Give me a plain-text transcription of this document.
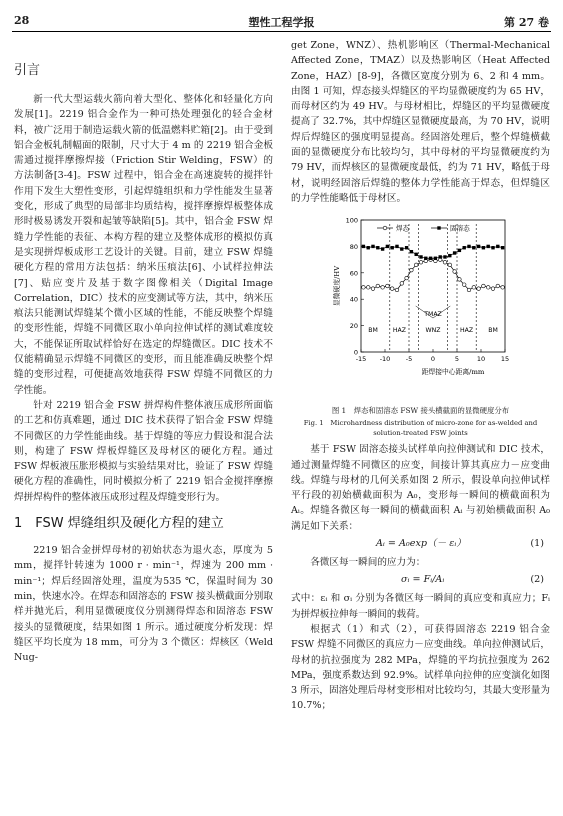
28	塑性工程学报	第 27 卷
引言

新一代大型运载火箭向着大型化、整体化和轻量化方向发展[1]。2219 铝合金作为一种可热处理强化的轻合金材料，被广泛用于制造运载火箭的低温燃料贮箱[2]。由于受到铝合金板轧制幅面的限制，尺寸大于 4 m 的 2219 铝合金板需通过搅拌摩擦焊接（Friction Stir Welding，FSW）的方法制备[3-4]。FSW 过程中，铝合金在高速旋转的搅拌针作用下发生大塑性变形，引起焊缝组织和力学性能发生显著变化，形成了典型的局部非均质结构，搅拌摩擦焊板整体成形时极易诱发开裂和起皱等缺陷[5]。其中，铝合金 FSW 焊缝力学性能的表征、本构方程的建立及整体成形的模拟仿真是实现拼焊板成形工艺设计的关键。目前，建立 FSW 焊缝硬化方程的常用方法包括：纳米压痕法[6]、小试样拉伸法[7]、贴应变片及基于数字图像相关（Digital Image Correlation，DIC）技术的应变测试等方法，其中，纳米压痕法只能测试焊缝某个微小区域的性能，不能反映整个焊缝的变形性能，焊缝不同微区取小单向拉伸试样的测试难度较大，不能保证所取试样恰好在选定的焊缝微区。DIC 技术不仅能精确显示焊缝不同微区的变形，而且能准确反映整个焊缝的变形过程，可便捷高效地获得 FSW 焊缝不同微区的力学性能。

针对 2219 铝合金 FSW 拼焊构件整体液压成形所面临的工艺和仿真难题，通过 DIC 技术获得了铝合金 FSW 焊缝不同微区的力学性能曲线。基于焊缝的等应力假设和混合法则，构建了 FSW 焊板焊缝区及母材区的硬化方程。通过 FSW 焊板液压胀形模拟与实验结果对比，验证了 FSW 焊缝硬化方程的准确性，同时模拟分析了 2219 铝合金搅拌摩擦焊拼焊构件的整体液压成形过程及焊缝变形行为。

1　FSW 焊缝组织及硬化方程的建立

2219 铝合金拼焊母材的初始状态为退火态，厚度为 5 mm，搅拌针转速为 1000 r · min⁻¹，焊速为 200 mm · min⁻¹；焊后经固溶处理，温度为535 ℃，保温时间为 30 min，快速水冷。在焊态和固溶态的 FSW 接头横截面分别取样并抛光后，利用显微硬度仪分别测得焊态和固溶态 FSW 接头的显微硬度，结果如图 1 所示。通过硬度分析发现：焊缝区平均长度为 18 mm，可分为 3 个微区：焊核区（Weld Nug-

get Zone，WNZ）、热机影响区（Thermal-Mechanical Affected Zone，TMAZ）以及热影响区（Heat Affected Zone，HAZ）[8-9]，各微区宽度分别为 6、2 和 4 mm。由图 1 可知，焊态接头焊缝区的平均显微硬度约为 65 HV，而母材区约为 49 HV。与母材相比，焊缝区的平均显微硬度提高了 32.7%，其中焊缝区显微硬度最高，为 70 HV，说明焊后焊缝区的强度明显提高。经固溶处理后，整个焊缝横截面的显微硬度分布比较均匀，其中母材的平均显微硬度约为 79 HV，而焊核区的显微硬度最低，约为 71 HV，略低于母材，说明经固溶后焊缝的整体力学性能高于焊态，但焊缝区的力学性能略低于母材区。

0
20
40
60
80
100
-15 -10 -5	0	5	10 15
距焊接中心距离/mm
显微硬度/HV
BM HAZ
TMAZ
WNZ	HAZ BM
焊态	固溶态
图 1　焊态和固溶态 FSW 接头横截面的显微硬度分布
Fig. 1　Microhardness distribution of micro-zone for as-welded and solution-treated FSW joints

基于 FSW 固溶态接头试样单向拉伸测试和 DIC 技术，通过测量焊缝不同微区的应变，间接计算其真应力－应变曲线。焊缝与母材的几何关系如图 2 所示，假设单向拉伸试样平行段的初始横截面积为 A₀，变形每一瞬间的横截面积为 Aᵢ。焊缝各微区每一瞬间的横截面积 Aᵢ 与初始横截面积 A₀ 满足如下关系：

Aᵢ = A₀exp（－ εᵢ）	(1)

各微区每一瞬间的应力为：

σᵢ = Fᵢ/Aᵢ	(2)

式中：εᵢ 和 σᵢ 分别为各微区每一瞬间的真应变和真应力；Fᵢ 为拼焊板拉伸每一瞬间的载荷。

根据式（1）和式（2），可获得固溶态 2219 铝合金 FSW 焊缝不同微区的真应力－应变曲线。单向拉伸测试后，母材的抗拉强度为 282 MPa，焊缝的平均抗拉强度为 262 MPa，强度系数达到 92.9%。试样单向拉伸的应变演化如图 3 所示，固溶处理后母材变形相对比较均匀，其最大变形量为 10.7%；
